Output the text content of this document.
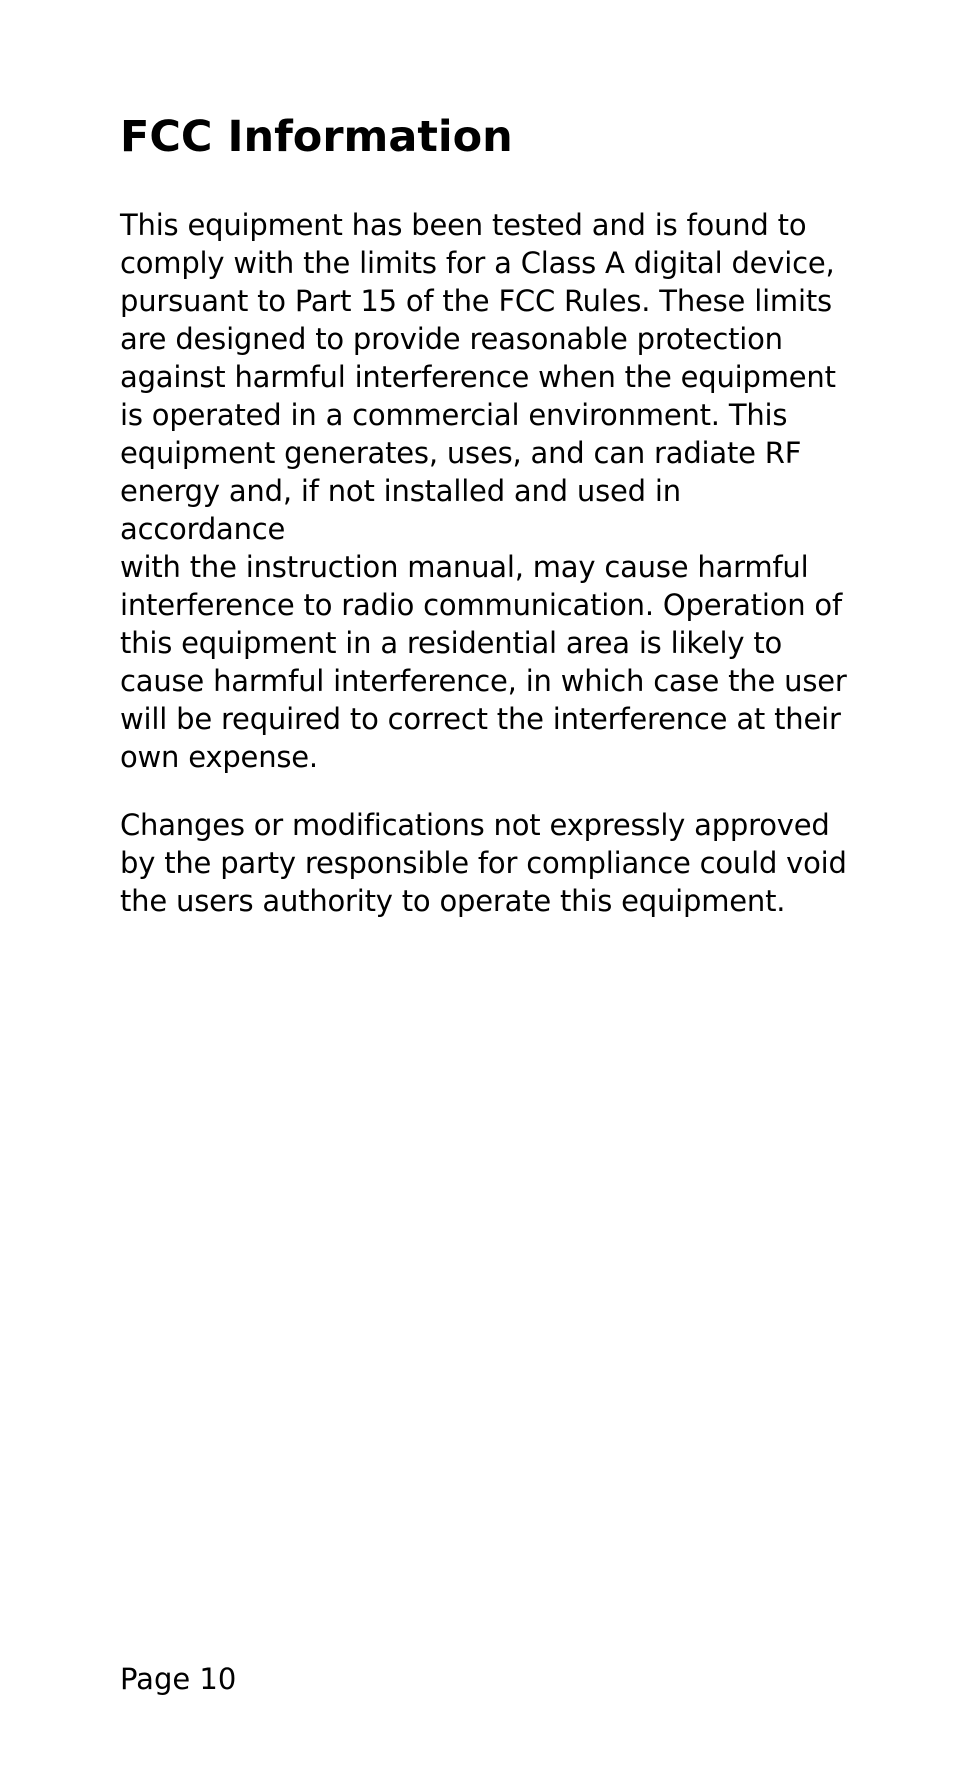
FCC Information

This equipment has been tested and is found to
comply with the limits for a Class A digital device,
pursuant to Part 15 of the FCC Rules. These limits
are designed to provide reasonable protection
against harmful interference when the equipment
is operated in a commercial environment. This
equipment generates, uses, and can radiate RF
energy and, if not installed and used in accordance
with the instruction manual, may cause harmful
interference to radio communication. Operation of
this equipment in a residential area is likely to
cause harmful interference, in which case the user
will be required to correct the interference at their
own expense.

Changes or modifications not expressly approved
by the party responsible for compliance could void
the users authority to operate this equipment.

Page 10
